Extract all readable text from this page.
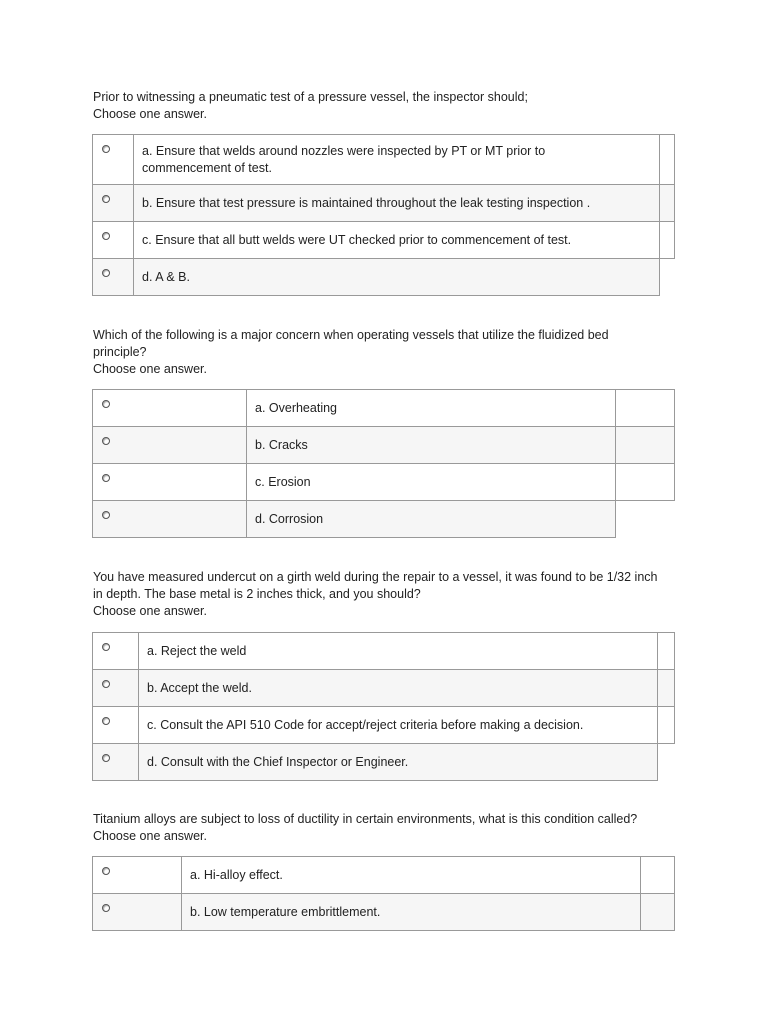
Prior to witnessing a pneumatic test of a pressure vessel, the inspector should;
Choose one answer.

	a. Ensure that welds around nozzles were inspected by PT or MT prior to
commencement of test.	

	b. Ensure that test pressure is maintained throughout the leak testing inspection .	

	c. Ensure that all butt welds were UT checked prior to commencement of test.	

	d. A & B.	
Which of the following is a major concern when operating vessels that utilize the fluidized bed
principle?
Choose one answer.
	a. Overheating	

	b. Cracks	

	c. Erosion	

	d. Corrosion	
You have measured undercut on a girth weld during the repair to a vessel, it was found to be 1/32 inch
in depth. The base metal is 2 inches thick, and you should?
Choose one answer.
	a. Reject the weld	

	b. Accept the weld.	

	c. Consult the API 510 Code for accept/reject criteria before making a decision.	

	d. Consult with the Chief Inspector or Engineer.	
Titanium alloys are subject to loss of ductility in certain environments, what is this condition called?
Choose one answer.
	a. Hi-alloy effect.	

	b. Low temperature embrittlement.	
